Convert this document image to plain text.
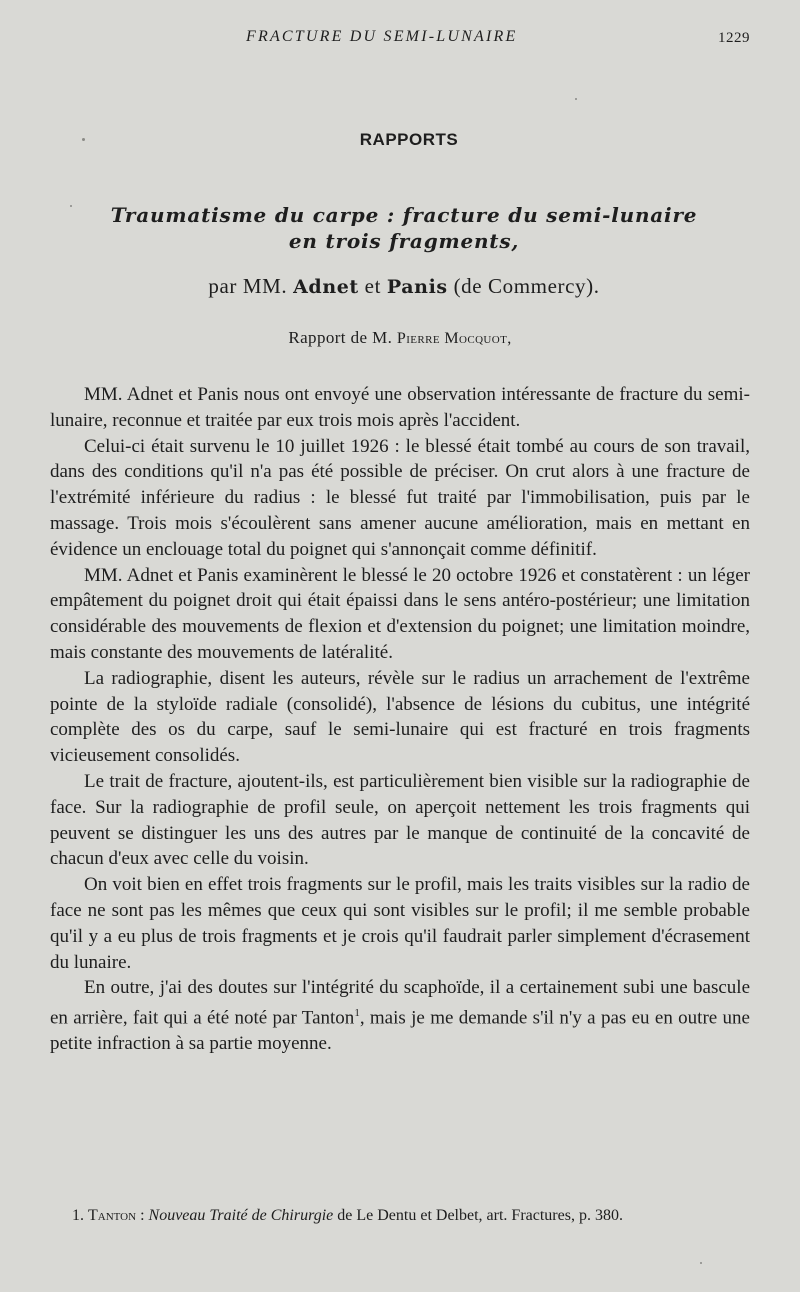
FRACTURE DU SEMI-LUNAIRE	1229
RAPPORTS
Traumatisme du carpe : fracture du semi-lunaire
en trois fragments,
par MM. Adnet et Panis (de Commercy).
Rapport de M. Pierre Mocquot,

MM. Adnet et Panis nous ont envoyé une observation intéressante de fracture du semi-lunaire, reconnue et traitée par eux trois mois après l'accident.

Celui-ci était survenu le 10 juillet 1926 : le blessé était tombé au cours de son travail, dans des conditions qu'il n'a pas été possible de préciser. On crut alors à une fracture de l'extrémité inférieure du radius : le blessé fut traité par l'immobilisation, puis par le massage. Trois mois s'écoulèrent sans amener aucune amélioration, mais en mettant en évidence un enclouage total du poignet qui s'annonçait comme définitif.

MM. Adnet et Panis examinèrent le blessé le 20 octobre 1926 et constatèrent : un léger empâtement du poignet droit qui était épaissi dans le sens antéro-postérieur; une limitation considérable des mouvements de flexion et d'extension du poignet; une limitation moindre, mais constante des mouvements de latéralité.

La radiographie, disent les auteurs, révèle sur le radius un arrachement de l'extrême pointe de la styloïde radiale (consolidé), l'absence de lésions du cubitus, une intégrité complète des os du carpe, sauf le semi-lunaire qui est fracturé en trois fragments vicieusement consolidés.

Le trait de fracture, ajoutent-ils, est particulièrement bien visible sur la radiographie de face. Sur la radiographie de profil seule, on aperçoit nettement les trois fragments qui peuvent se distinguer les uns des autres par le manque de continuité de la concavité de chacun d'eux avec celle du voisin.

On voit bien en effet trois fragments sur le profil, mais les traits visibles sur la radio de face ne sont pas les mêmes que ceux qui sont visibles sur le profil; il me semble probable qu'il y a eu plus de trois fragments et je crois qu'il faudrait parler simplement d'écrasement du lunaire.

En outre, j'ai des doutes sur l'intégrité du scaphoïde, il a certainement subi une bascule en arrière, fait qui a été noté par Tanton$^1$, mais je me demande s'il n'y a pas eu en outre une petite infraction à sa partie moyenne.

1. Tanton : Nouveau Traité de Chirurgie de Le Dentu et Delbet, art. Fractures, p. 380.
